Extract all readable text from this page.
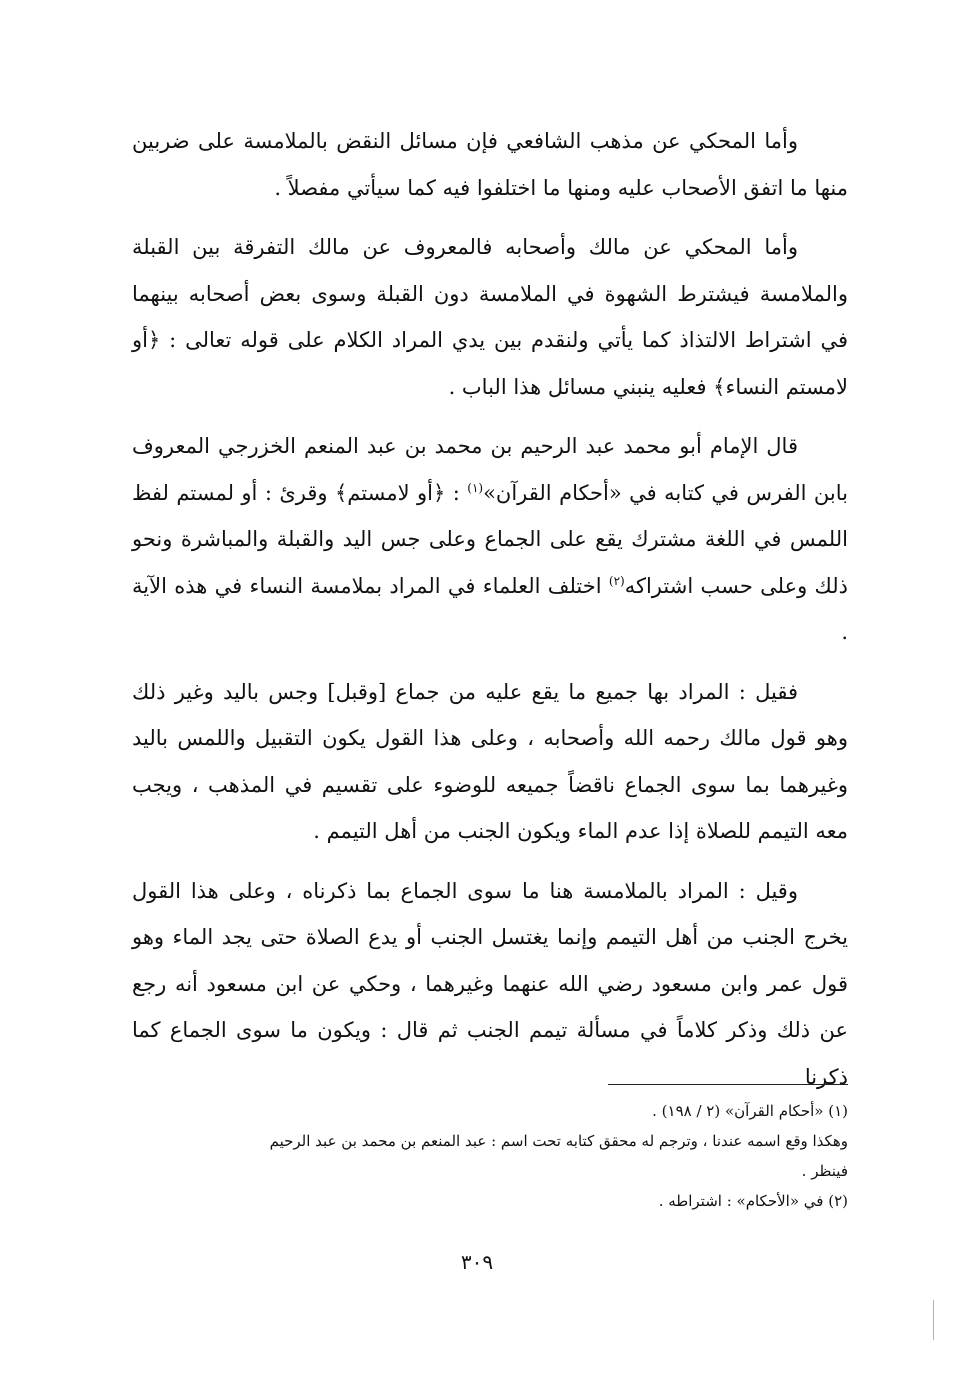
وأما المحكي عن مذهب الشافعي فإن مسائل النقض بالملامسة على ضربين منها ما اتفق الأصحاب عليه ومنها ما اختلفوا فيه كما سيأتي مفصلاً .

وأما المحكي عن مالك وأصحابه فالمعروف عن مالك التفرقة بين القبلة والملامسة فيشترط الشهوة في الملامسة دون القبلة وسوى بعض أصحابه بينهما في اشتراط الالتذاذ كما يأتي ولنقدم بين يدي المراد الكلام على قوله تعالى : ﴿أو لامستم النساء﴾ فعليه ينبني مسائل هذا الباب .

قال الإمام أبو محمد عبد الرحيم بن محمد بن عبد المنعم الخزرجي المعروف بابن الفرس في كتابه في «أحكام القرآن»$^{(١)}$ : ﴿أو لامستم﴾ وقرئ : أو لمستم لفظ اللمس في اللغة مشترك يقع على الجماع وعلى جس اليد والقبلة والمباشرة ونحو ذلك وعلى حسب اشتراكه$^{(٢)}$ اختلف العلماء في المراد بملامسة النساء في هذه الآية .

فقيل : المراد بها جميع ما يقع عليه من جماع [وقبل] وجس باليد وغير ذلك وهو قول مالك رحمه الله وأصحابه ، وعلى هذا القول يكون التقبيل واللمس باليد وغيرهما بما سوى الجماع ناقضاً جميعه للوضوء على تقسيم في المذهب ، ويجب معه التيمم للصلاة إذا عدم الماء ويكون الجنب من أهل التيمم .

وقيل : المراد بالملامسة هنا ما سوى الجماع بما ذكرناه ، وعلى هذا القول يخرج الجنب من أهل التيمم وإنما يغتسل الجنب أو يدع الصلاة حتى يجد الماء وهو قول عمر وابن مسعود رضي الله عنهما وغيرهما ، وحكي عن ابن مسعود أنه رجع عن ذلك وذكر كلاماً في مسألة تيمم الجنب ثم قال : ويكون ما سوى الجماع كما ذكرنا

(١) «أحكام القرآن» (٢ / ١٩٨) .
وهكذا وقع اسمه عندنا ، وترجم له محقق كتابه تحت اسم : عبد المنعم بن محمد بن عبد الرحيم
فينظر .
(٢) في «الأحكام» : اشتراطه .
٣٠٩
